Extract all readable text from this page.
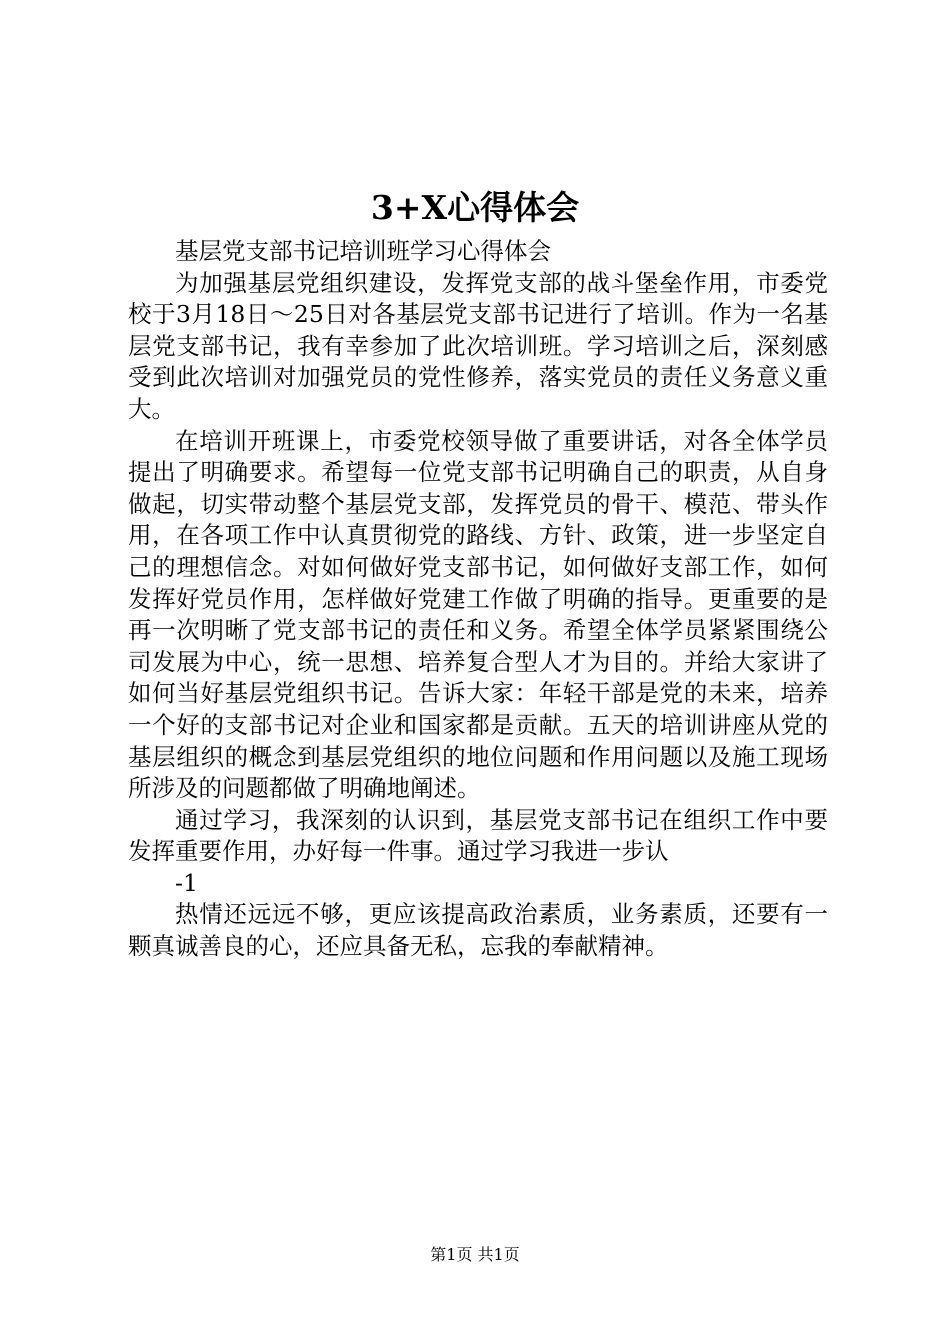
3+X心得体会

基层党支部书记培训班学习心得体会

为加强基层党组织建设，发挥党支部的战斗堡垒作用，市委党校于3月18日～25日对各基层党支部书记进行了培训。作为一名基层党支部书记，我有幸参加了此次培训班。学习培训之后，深刻感受到此次培训对加强党员的党性修养，落实党员的责任义务意义重大。

在培训开班课上，市委党校领导做了重要讲话，对各全体学员提出了明确要求。希望每一位党支部书记明确自己的职责，从自身做起，切实带动整个基层党支部，发挥党员的骨干、模范、带头作用，在各项工作中认真贯彻党的路线、方针、政策，进一步坚定自己的理想信念。对如何做好党支部书记，如何做好支部工作，如何发挥好党员作用，怎样做好党建工作做了明确的指导。更重要的是再一次明晰了党支部书记的责任和义务。希望全体学员紧紧围绕公司发展为中心，统一思想、培养复合型人才为目的。并给大家讲了如何当好基层党组织书记。告诉大家：年轻干部是党的未来，培养一个好的支部书记对企业和国家都是贡献。五天的培训讲座从党的基层组织的概念到基层党组织的地位问题和作用问题以及施工现场所涉及的问题都做了明确地阐述。

通过学习，我深刻的认识到，基层党支部书记在组织工作中要发挥重要作用，办好每一件事。通过学习我进一步认

-1

热情还远远不够，更应该提高政治素质，业务素质，还要有一颗真诚善良的心，还应具备无私，忘我的奉献精神。

第1页 共1页
